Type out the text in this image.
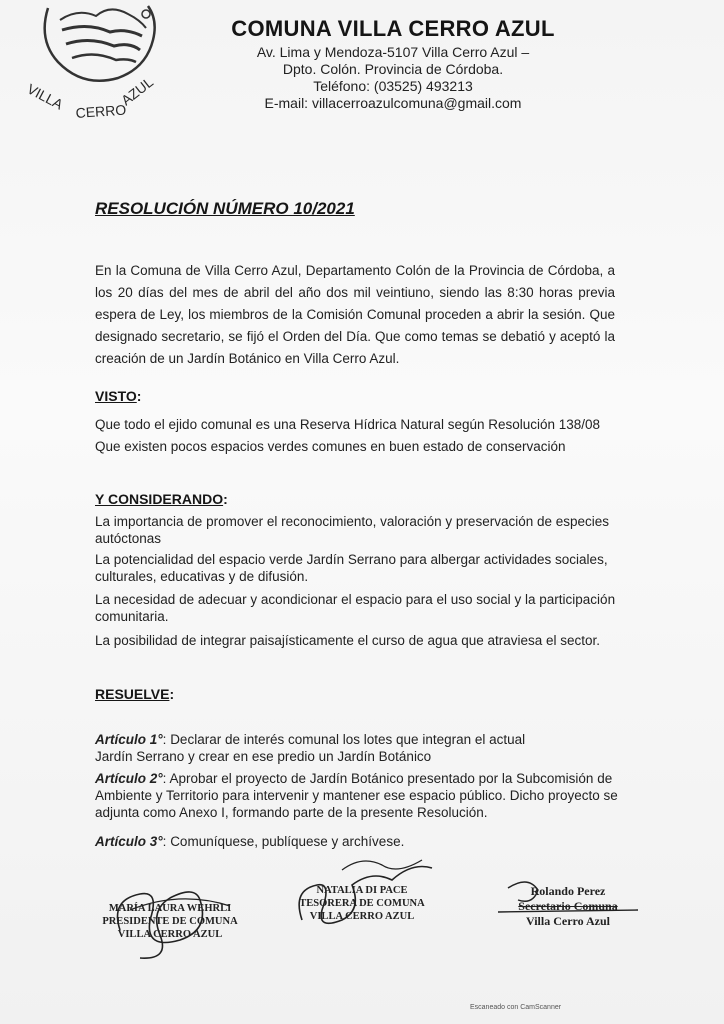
VILLA CERRO
AZUL
COMUNA VILLA CERRO AZUL
Av. Lima y Mendoza-5107 Villa Cerro Azul –
Dpto. Colón. Provincia de Córdoba.
Teléfono: (03525) 493213
E-mail: villacerroazulcomuna@gmail.com
RESOLUCIÓN NÚMERO 10/2021
En la Comuna de Villa Cerro Azul, Departamento Colón de la Provincia de Córdoba, a los 20 días del mes de abril del año dos mil veintiuno, siendo las 8:30 horas previa espera de Ley, los miembros de la Comisión Comunal proceden a abrir la sesión. Que designado secretario, se fijó el Orden del Día. Que como temas se debatió y aceptó la creación de un Jardín Botánico en Villa Cerro Azul.
VISTO:
Que todo el ejido comunal es una Reserva Hídrica Natural según Resolución 138/08
Que existen pocos espacios verdes comunes en buen estado de conservación
Y CONSIDERANDO:
La importancia de promover el reconocimiento, valoración y preservación de especies autóctonas
La potencialidad del espacio verde Jardín Serrano para albergar actividades sociales, culturales, educativas y de difusión.
La necesidad de adecuar y acondicionar el espacio para el uso social y la participación comunitaria.
La posibilidad de integrar paisajísticamente el curso de agua que atraviesa el sector.
RESUELVE:
Artículo 1°: Declarar de interés comunal los lotes que integran el actual Jardín Serrano y crear en ese predio un Jardín Botánico
Artículo 2°: Aprobar el proyecto de Jardín Botánico presentado por la Subcomisión de Ambiente y Territorio para intervenir y mantener ese espacio público. Dicho proyecto se adjunta como Anexo I, formando parte de la presente Resolución.
Artículo 3°: Comuníquese, publíquese y archívese.
MARÍA LAURA WEHRLI
PRESIDENTE DE COMUNA
VILLA CERRO AZUL
NATALIA DI PACE
TESORERA DE COMUNA
VILLA CERRO AZUL
Rolando Perez
Secretario Comuna
Villa Cerro Azul
Escaneado con CamScanner
